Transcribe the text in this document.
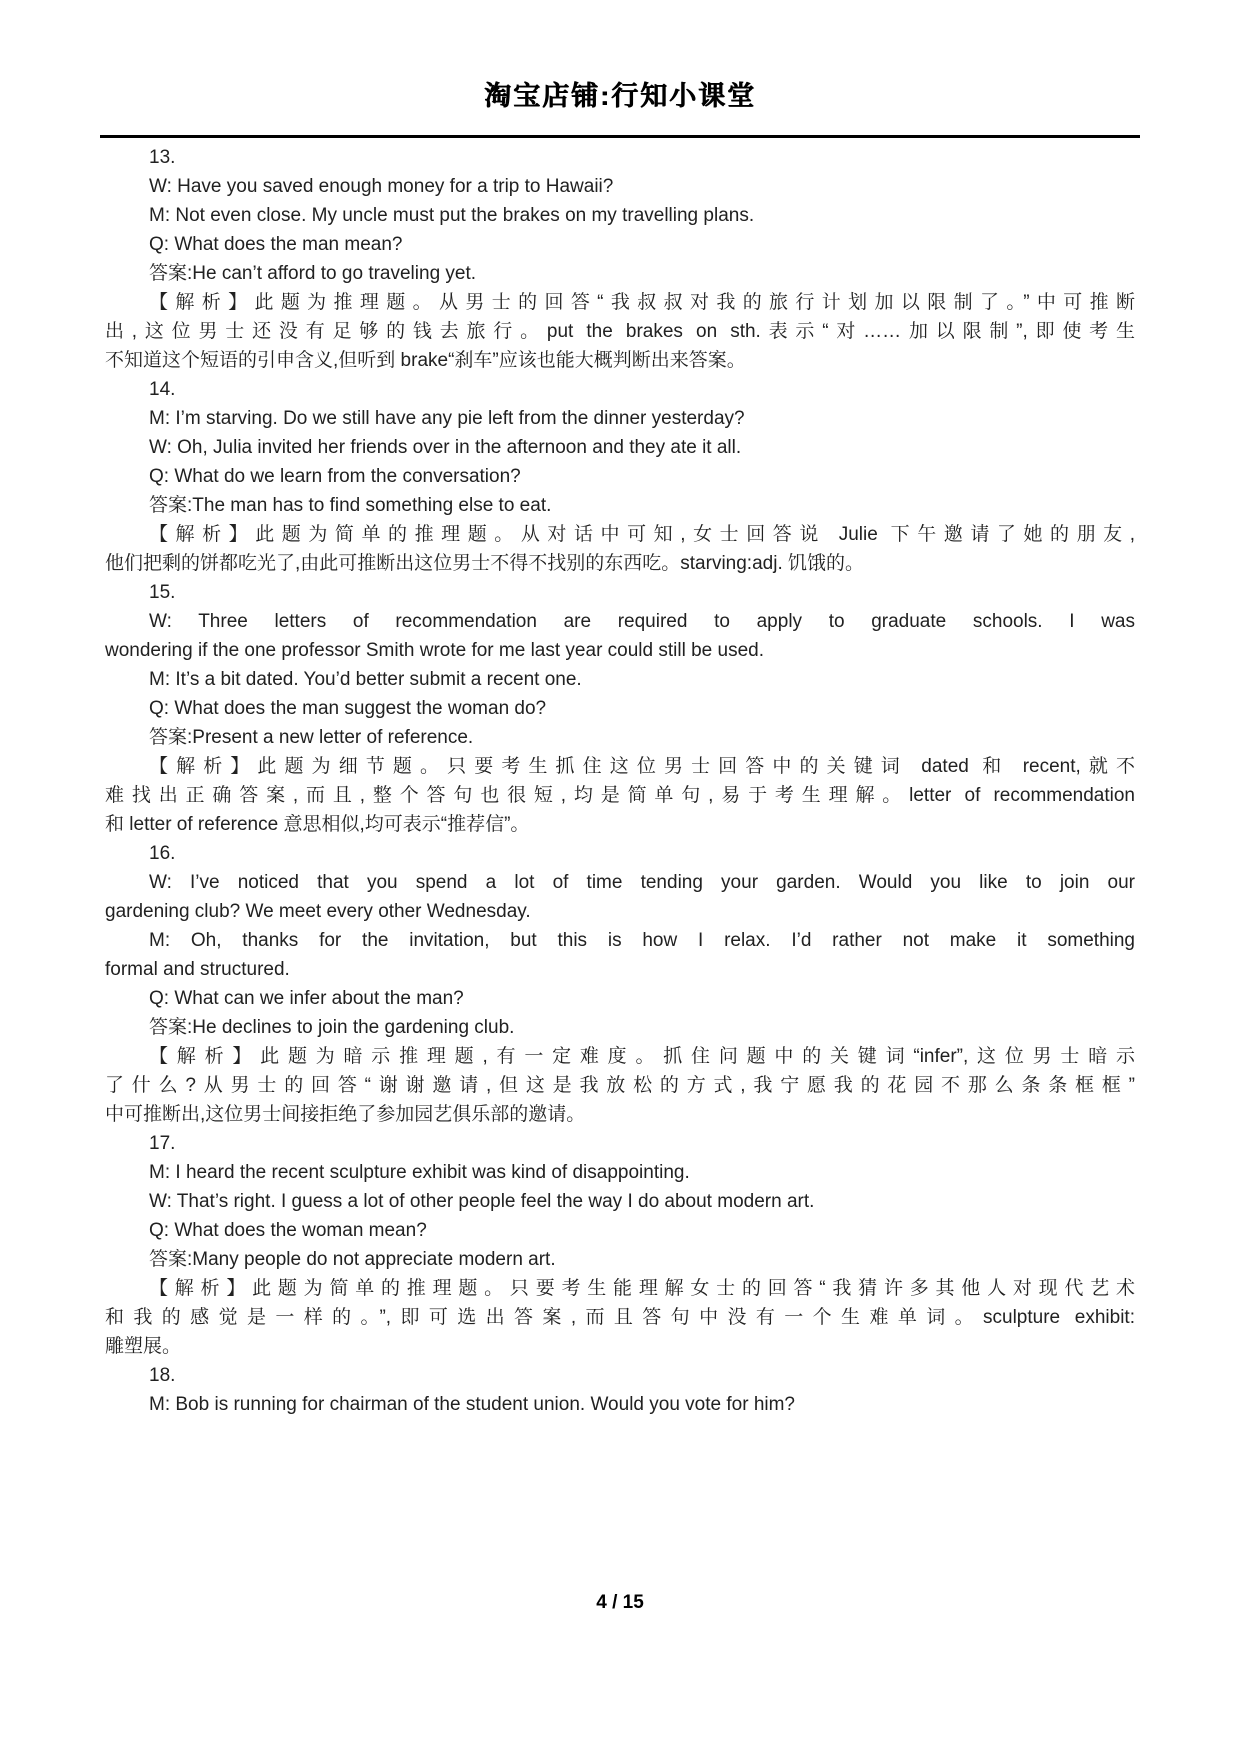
淘宝店铺:行知小课堂
13.
W: Have you saved enough money for a trip to Hawaii?
M: Not even close. My uncle must put the brakes on my travelling plans.
Q: What does the man mean?
答案:He can’t afford to go traveling yet.
【解析】此题为推理题。从男士的回答“我叔叔对我的旅行计划加以限制了。”中可推断
出,这位男士还没有足够的钱去旅行。put the brakes on sth.表示“对……加以限制”,即使考生
不知道这个短语的引申含义,但听到 brake“刹车”应该也能大概判断出来答案。
14.
M: I’m starving. Do we still have any pie left from the dinner yesterday?
W: Oh, Julia invited her friends over in the afternoon and they ate it all.
Q: What do we learn from the conversation?
答案:The man has to find something else to eat.
【解析】此题为简单的推理题。从对话中可知,女士回答说 Julie 下午邀请了她的朋友,
他们把剩的饼都吃光了,由此可推断出这位男士不得不找别的东西吃。starving:adj. 饥饿的。
15.
W: Three letters of recommendation are required to apply to graduate schools. I was
wondering if the one professor Smith wrote for me last year could still be used.
M: It’s a bit dated. You’d better submit a recent one.
Q: What does the man suggest the woman do?
答案:Present a new letter of reference.
【解析】此题为细节题。只要考生抓住这位男士回答中的关键词 dated 和 recent,就不
难找出正确答案,而且,整个答句也很短,均是简单句,易于考生理解。letter of recommendation
和 letter of reference 意思相似,均可表示“推荐信”。
16.
W: I’ve noticed that you spend a lot of time tending your garden. Would you like to join our
gardening club? We meet every other Wednesday.
M: Oh, thanks for the invitation, but this is how I relax. I’d rather not make it something
formal and structured.
Q: What can we infer about the man?
答案:He declines to join the gardening club.
【解析】此题为暗示推理题,有一定难度。抓住问题中的关键词“infer”,这位男士暗示
了什么?从男士的回答“谢谢邀请,但这是我放松的方式,我宁愿我的花园不那么条条框框”
中可推断出,这位男士间接拒绝了参加园艺俱乐部的邀请。
17.
M: I heard the recent sculpture exhibit was kind of disappointing.
W: That’s right. I guess a lot of other people feel the way I do about modern art.
Q: What does the woman mean?
答案:Many people do not appreciate modern art.
【解析】此题为简单的推理题。只要考生能理解女士的回答“我猜许多其他人对现代艺术
和我的感觉是一样的。”,即可选出答案,而且答句中没有一个生难单词。sculpture exhibit:
雕塑展。
18.
M: Bob is running for chairman of the student union. Would you vote for him?
4 / 15
